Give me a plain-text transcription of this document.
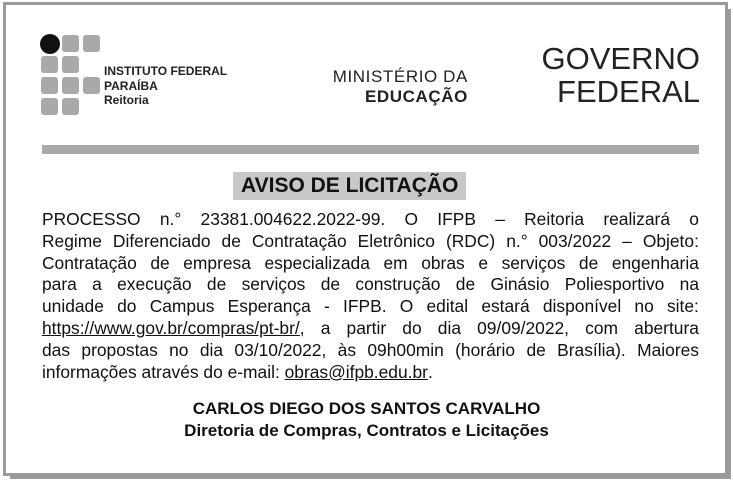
INSTITUTO FEDERAL
PARAÍBA
Reitoria
MINISTÉRIO DA
EDUCAÇÃO
GOVERNO
FEDERAL
AVISO DE LICITAÇÃO
PROCESSO n.° 23381.004622.2022-99. O IFPB – Reitoria realizará o
Regime Diferenciado de Contratação Eletrônico (RDC) n.° 003/2022 – Objeto:
Contratação de empresa especializada em obras e serviços de engenharia
para a execução de serviços de construção de Ginásio Poliesportivo na
unidade do Campus Esperança - IFPB. O edital estará disponível no site:
https://www.gov.br/compras/pt-br/, a partir do dia 09/09/2022, com abertura
das propostas no dia 03/10/2022, às 09h00min (horário de Brasília). Maiores
informações através do e-mail: obras@ifpb.edu.br .
CARLOS DIEGO DOS SANTOS CARVALHO
Diretoria de Compras, Contratos e Licitações
